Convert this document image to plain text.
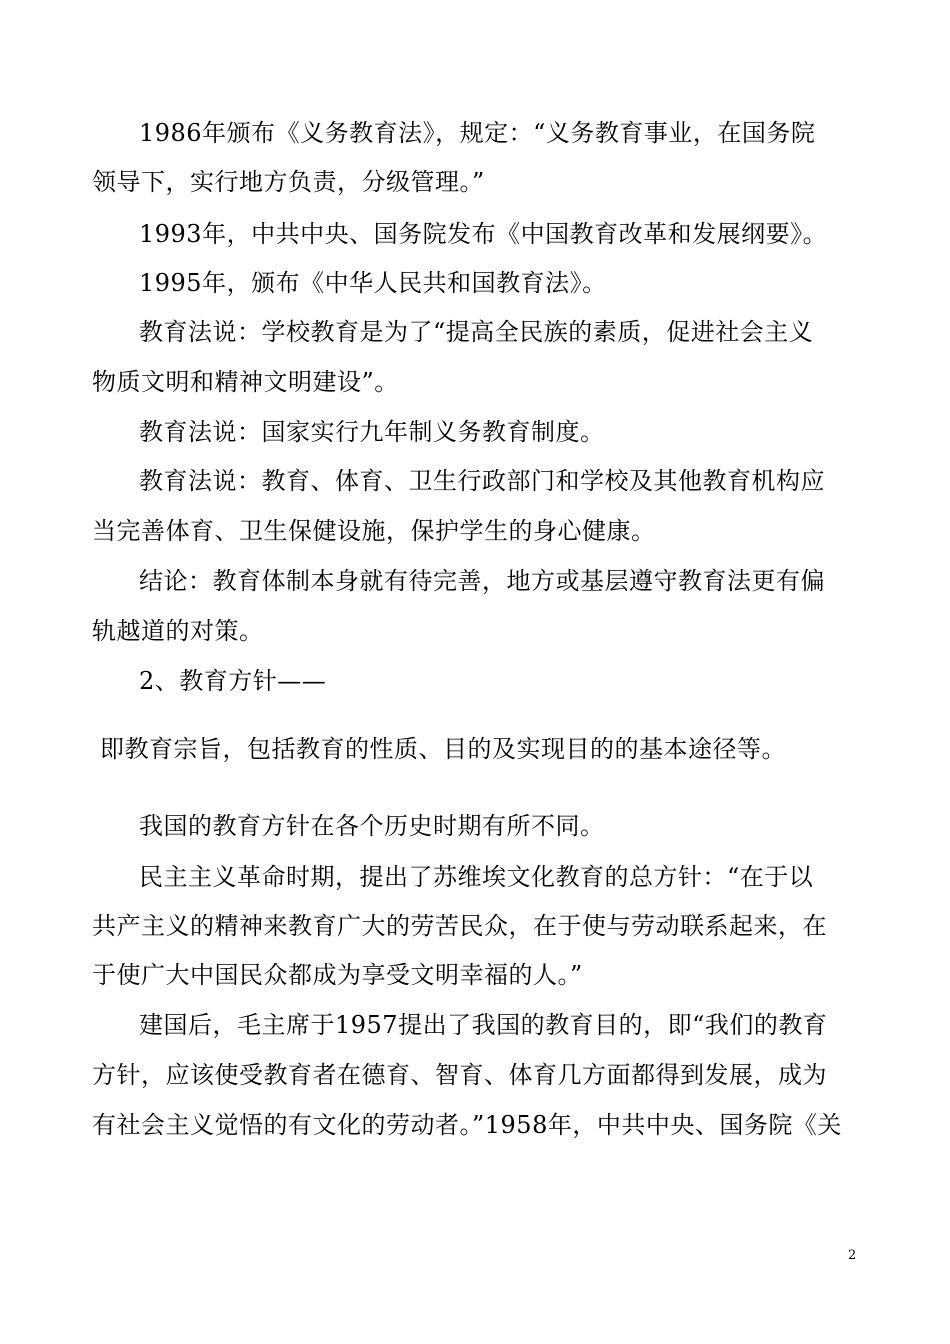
1986年颁布《义务教育法》，规定：“义务教育事业，在国务院
领导下，实行地方负责，分级管理。”
1993年，中共中央、国务院发布《中国教育改革和发展纲要》。
1995年，颁布《中华人民共和国教育法》。
教育法说：学校教育是为了“提高全民族的素质，促进社会主义
物质文明和精神文明建设”。
教育法说：国家实行九年制义务教育制度。
教育法说：教育、体育、卫生行政部门和学校及其他教育机构应
当完善体育、卫生保健设施，保护学生的身心健康。
结论：教育体制本身就有待完善，地方或基层遵守教育法更有偏
轨越道的对策。
2、教育方针——
即教育宗旨，包括教育的性质、目的及实现目的的基本途径等。
我国的教育方针在各个历史时期有所不同。
民主主义革命时期，提出了苏维埃文化教育的总方针：“在于以
共产主义的精神来教育广大的劳苦民众，在于使与劳动联系起来，在
于使广大中国民众都成为享受文明幸福的人。”
建国后，毛主席于1957提出了我国的教育目的，即“我们的教育
方针，应该使受教育者在德育、智育、体育几方面都得到发展，成为
有社会主义觉悟的有文化的劳动者。”1958年，中共中央、国务院《关
2
